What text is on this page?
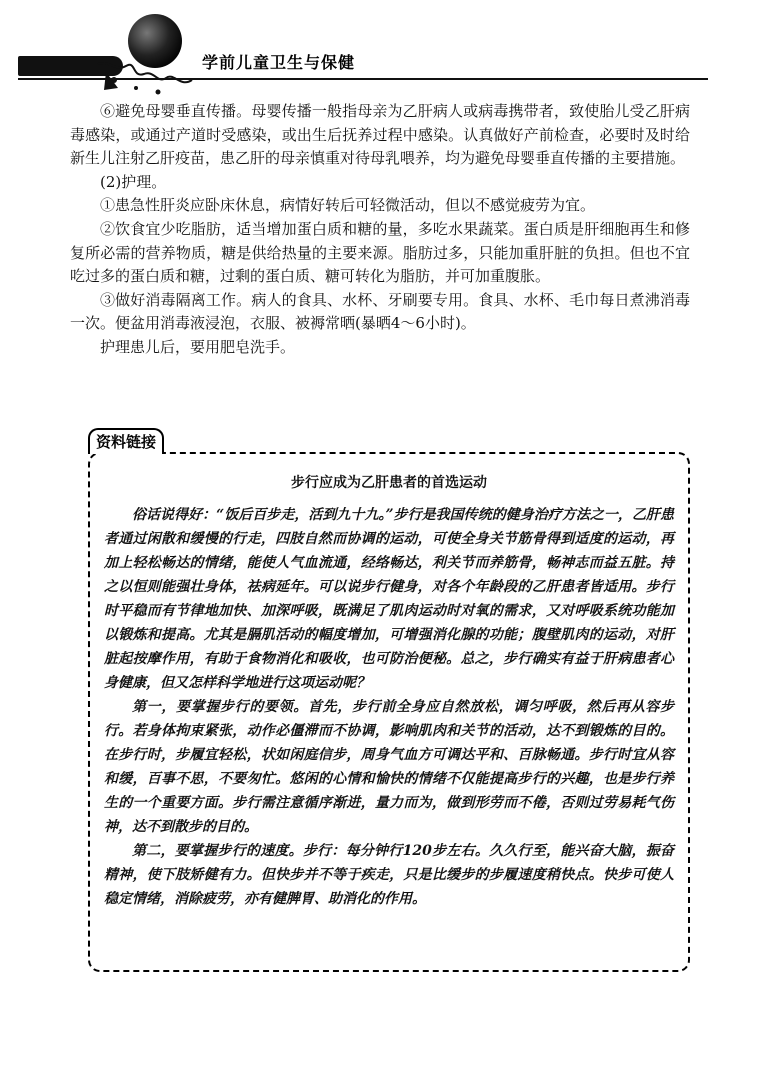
学前儿童卫生与保健

⑥避免母婴垂直传播。母婴传播一般指母亲为乙肝病人或病毒携带者，致使胎儿受乙肝病毒感染，或通过产道时受感染，或出生后抚养过程中感染。认真做好产前检查，必要时及时给新生儿注射乙肝疫苗，患乙肝的母亲慎重对待母乳喂养，均为避免母婴垂直传播的主要措施。

(2)护理。

①患急性肝炎应卧床休息，病情好转后可轻微活动，但以不感觉疲劳为宜。

②饮食宜少吃脂肪，适当增加蛋白质和糖的量，多吃水果蔬菜。蛋白质是肝细胞再生和修复所必需的营养物质，糖是供给热量的主要来源。脂肪过多，只能加重肝脏的负担。但也不宜吃过多的蛋白质和糖，过剩的蛋白质、糖可转化为脂肪，并可加重腹胀。

③做好消毒隔离工作。病人的食具、水杯、牙刷要专用。食具、水杯、毛巾每日煮沸消毒一次。便盆用消毒液浸泡，衣服、被褥常晒(暴晒4～6小时)。

护理患儿后，要用肥皂洗手。

资料链接
步行应成为乙肝患者的首选运动

俗话说得好：“饭后百步走，活到九十九。”步行是我国传统的健身治疗方法之一，乙肝患者通过闲散和缓慢的行走，四肢自然而协调的运动，可使全身关节筋骨得到适度的运动，再加上轻松畅达的情绪，能使人气血流通，经络畅达，利关节而养筋骨，畅神志而益五脏。持之以恒则能强壮身体，祛病延年。可以说步行健身，对各个年龄段的乙肝患者皆适用。步行时平稳而有节律地加快、加深呼吸，既满足了肌肉运动时对氧的需求，又对呼吸系统功能加以锻炼和提高。尤其是膈肌活动的幅度增加，可增强消化腺的功能；腹壁肌肉的运动，对肝脏起按摩作用，有助于食物消化和吸收，也可防治便秘。总之，步行确实有益于肝病患者心身健康，但又怎样科学地进行这项运动呢？

第一，要掌握步行的要领。首先，步行前全身应自然放松，调匀呼吸，然后再从容步行。若身体拘束紧张，动作必僵滞而不协调，影响肌肉和关节的活动，达不到锻炼的目的。在步行时，步履宜轻松，状如闲庭信步，周身气血方可调达平和、百脉畅通。步行时宜从容和缓，百事不思，不要匆忙。悠闲的心情和愉快的情绪不仅能提高步行的兴趣，也是步行养生的一个重要方面。步行需注意循序渐进，量力而为，做到形劳而不倦，否则过劳易耗气伤神，达不到散步的目的。

第二，要掌握步行的速度。步行：每分钟行120步左右。久久行至，能兴奋大脑，振奋精神，使下肢矫健有力。但快步并不等于疾走，只是比缓步的步履速度稍快点。快步可使人稳定情绪，消除疲劳，亦有健脾胃、助消化的作用。
